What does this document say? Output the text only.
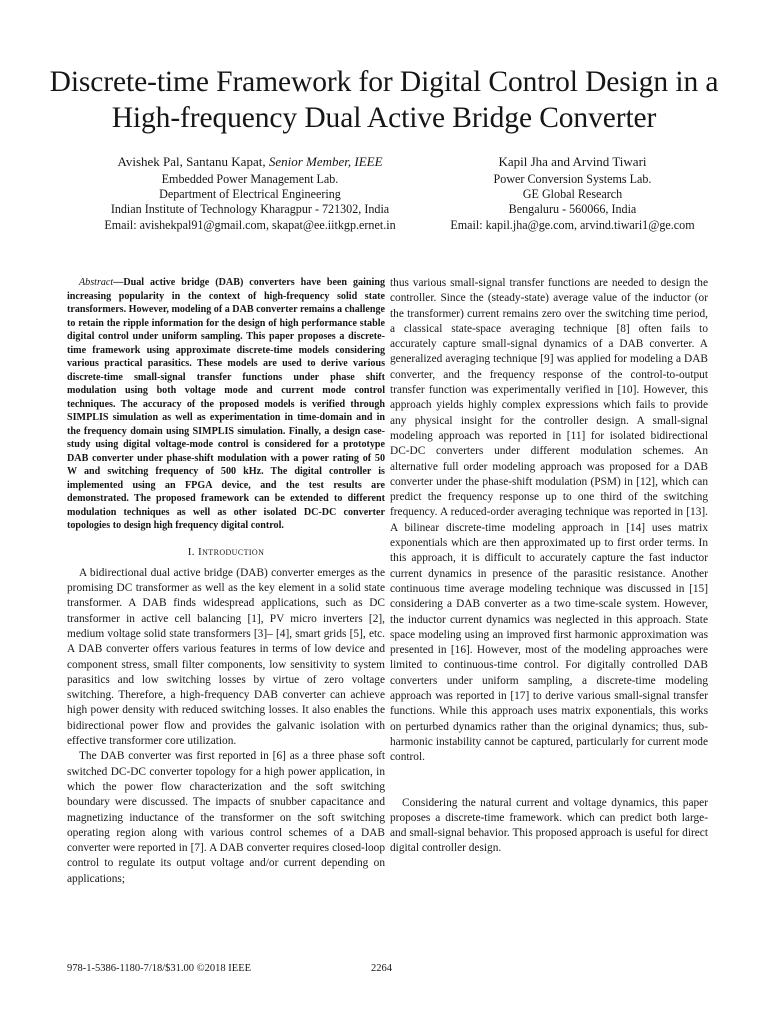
Discrete-time Framework for Digital Control Design in a High-frequency Dual Active Bridge Converter
Avishek Pal, Santanu Kapat, Senior Member, IEEE
Embedded Power Management Lab.
Department of Electrical Engineering
Indian Institute of Technology Kharagpur - 721302, India
Email: avishekpal91@gmail.com, skapat@ee.iitkgp.ernet.in
Kapil Jha and Arvind Tiwari
Power Conversion Systems Lab.
GE Global Research
Bengaluru - 560066, India
Email: kapil.jha@ge.com, arvind.tiwari1@ge.com

Abstract—Dual active bridge (DAB) converters have been gaining increasing popularity in the context of high-frequency solid state transformers. However, modeling of a DAB converter remains a challenge to retain the ripple information for the design of high performance stable digital control under uniform sampling. This paper proposes a discrete-time framework using approximate discrete-time models considering various practical parasitics. These models are used to derive various discrete-time small-signal transfer functions under phase shift modulation using both voltage mode and current mode control techniques. The accuracy of the proposed models is verified through SIMPLIS simulation as well as experimentation in time-domain and in the frequency domain using SIMPLIS simulation. Finally, a design case-study using digital voltage-mode control is considered for a prototype DAB converter under phase-shift modulation with a power rating of 50 W and switching frequency of 500 kHz. The digital controller is implemented using an FPGA device, and the test results are demonstrated. The proposed framework can be extended to different modulation techniques as well as other isolated DC-DC converter topologies to design high frequency digital control.

I. Introduction

A bidirectional dual active bridge (DAB) converter emerges as the promising DC transformer as well as the key element in a solid state transformer. A DAB finds widespread applications, such as DC transformer in active cell balancing [1], PV micro inverters [2], medium voltage solid state transformers [3]– [4], smart grids [5], etc. A DAB converter offers various features in terms of low device and component stress, small filter components, low sensitivity to system parasitics and low switching losses by virtue of zero voltage switching. Therefore, a high-frequency DAB converter can achieve high power density with reduced switching losses. It also enables the bidirectional power flow and provides the galvanic isolation with effective transformer core utilization.

The DAB converter was first reported in [6] as a three phase soft switched DC-DC converter topology for a high power application, in which the power flow characterization and the soft switching boundary were discussed. The impacts of snubber capacitance and magnetizing inductance of the transformer on the soft switching operating region along with various control schemes of a DAB converter were reported in [7]. A DAB converter requires closed-loop control to regulate its output voltage and/or current depending on applications;

thus various small-signal transfer functions are needed to design the controller. Since the (steady-state) average value of the inductor (or the transformer) current remains zero over the switching time period, a classical state-space averaging technique [8] often fails to accurately capture small-signal dynamics of a DAB converter. A generalized averaging technique [9] was applied for modeling a DAB converter, and the frequency response of the control-to-output transfer function was experimentally verified in [10]. However, this approach yields highly complex expressions which fails to provide any physical insight for the controller design. A small-signal modeling approach was reported in [11] for isolated bidirectional DC-DC converters under different modulation schemes. An alternative full order modeling approach was proposed for a DAB converter under the phase-shift modulation (PSM) in [12], which can predict the frequency response up to one third of the switching frequency. A reduced-order averaging technique was reported in [13]. A bilinear discrete-time modeling approach in [14] uses matrix exponentials which are then approximated up to first order terms. In this approach, it is difficult to accurately capture the fast inductor current dynamics in presence of the parasitic resistance. Another continuous time average modeling technique was discussed in [15] considering a DAB converter as a two time-scale system. However, the inductor current dynamics was neglected in this approach. State space modeling using an improved first harmonic approximation was presented in [16]. However, most of the modeling approaches were limited to continuous-time control. For digitally controlled DAB converters under uniform sampling, a discrete-time modeling approach was reported in [17] to derive various small-signal transfer functions. While this approach uses matrix exponentials, this works on perturbed dynamics rather than the original dynamics; thus, sub-harmonic instability cannot be captured, particularly for current mode control.

Considering the natural current and voltage dynamics, this paper proposes a discrete-time framework. which can predict both large- and small-signal behavior. This proposed approach is useful for direct digital controller design.

978-1-5386-1180-7/18/$31.00 ©2018 IEEE	2264
